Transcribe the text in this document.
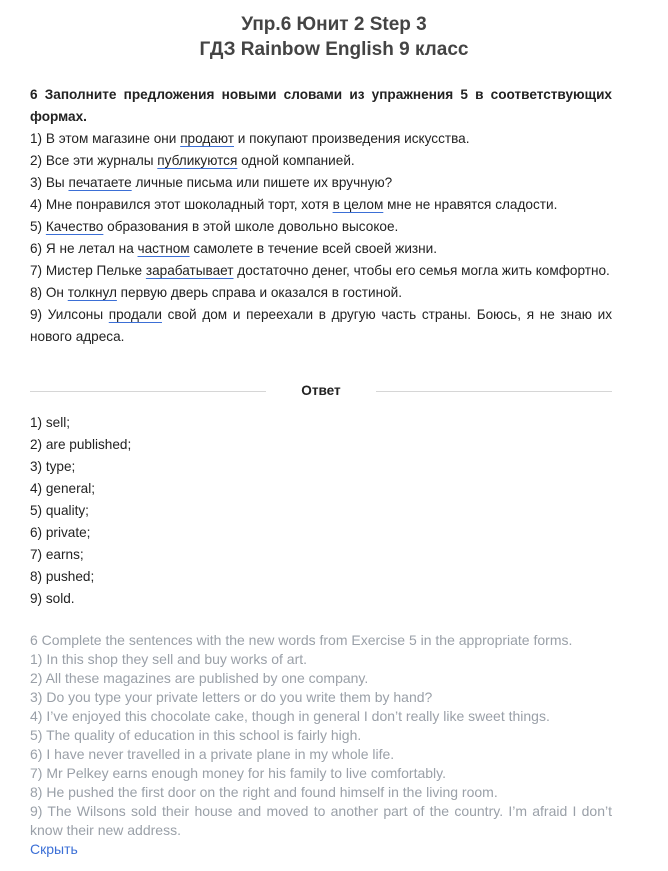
Упр.6 Юнит 2 Step 3
ГДЗ Rainbow English 9 класс

6 Заполните предложения новыми словами из упражнения 5 в соответствующих формах.

1) В этом магазине они продают и покупают произведения искусства.

2) Все эти журналы публикуются одной компанией.

3) Вы печатаете личные письма или пишете их вручную?

4) Мне понравился этот шоколадный торт, хотя в целом мне не нравятся сладости.

5) Качество образования в этой школе довольно высокое.

6) Я не летал на частном самолете в течение всей своей жизни.

7) Мистер Пельке зарабатывает достаточно денег, чтобы его семья могла жить комфортно.

8) Он толкнул первую дверь справа и оказался в гостиной.

9) Уилсоны продали свой дом и переехали в другую часть страны. Боюсь, я не знаю их нового адреса.

Ответ

1) sell;

2) are published;

3) type;

4) general;

5) quality;

6) private;

7) earns;

8) pushed;

9) sold.

6 Complete the sentences with the new words from Exercise 5 in the appropriate forms.

1) In this shop they sell and buy works of art.

2) All these magazines are published by one company.

3) Do you type your private letters or do you write them by hand?

4) I’ve enjoyed this chocolate cake, though in general I don’t really like sweet things.

5) The quality of education in this school is fairly high.

6) I have never travelled in a private plane in my whole life.

7) Mr Pelkey earns enough money for his family to live comfortably.

8) He pushed the first door on the right and found himself in the living room.

9) The Wilsons sold their house and moved to another part of the country. I’m afraid I don’t know their new address.

Скрыть
